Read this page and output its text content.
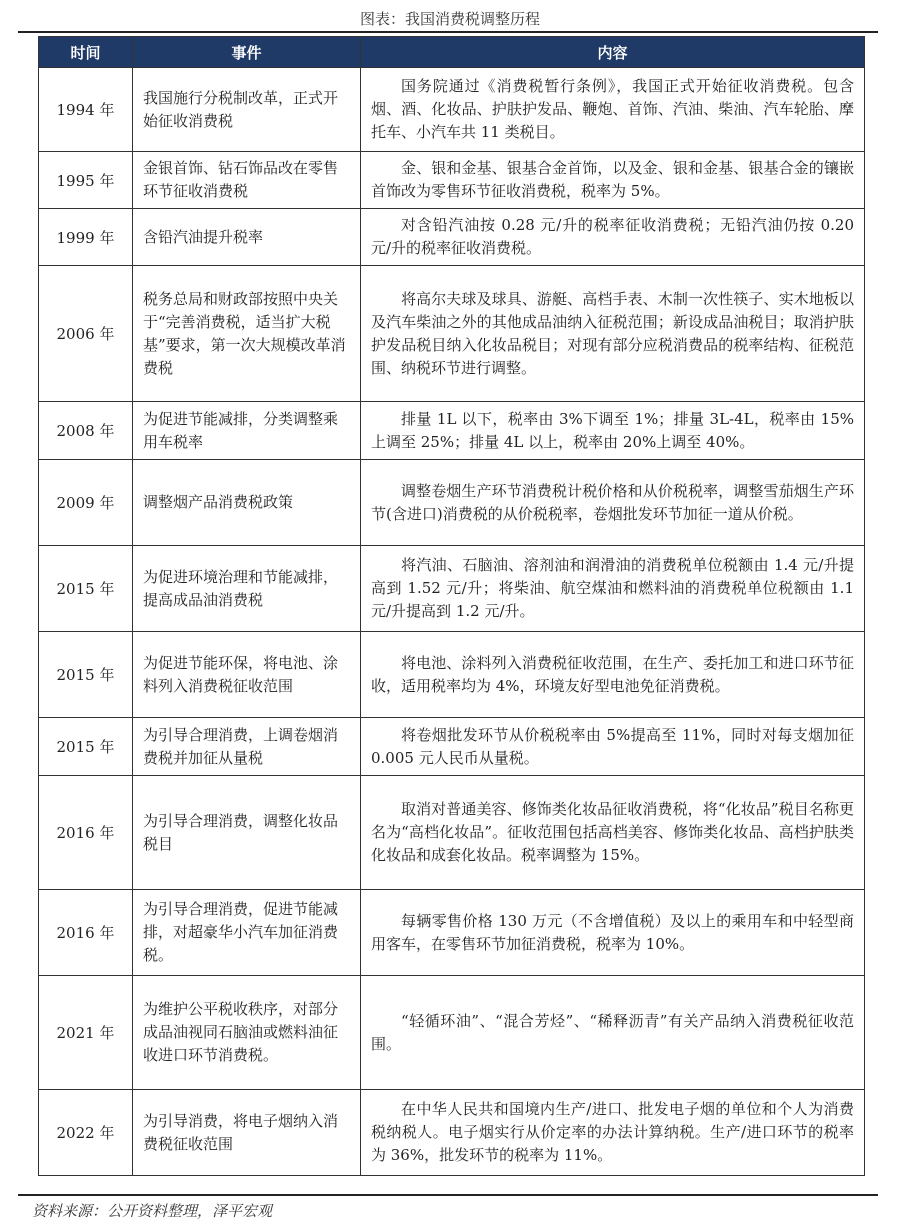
图表：我国消费税调整历程
时间	事件	内容
1994 年	我国施行分税制改革，正式开始征收消费税	国务院通过《消费税暂行条例》，我国正式开始征收消费税。包含烟、酒、化妆品、护肤护发品、鞭炮、首饰、汽油、柴油、汽车轮胎、摩托车、小汽车共 11 类税目。
1995 年	金银首饰、钻石饰品改在零售环节征收消费税	金、银和金基、银基合金首饰，以及金、银和金基、银基合金的镶嵌首饰改为零售环节征收消费税，税率为 5%。
1999 年	含铅汽油提升税率	对含铅汽油按 0.28 元/升的税率征收消费税；无铅汽油仍按 0.20 元/升的税率征收消费税。
2006 年	税务总局和财政部按照中央关于“完善消费税，适当扩大税基”要求，第一次大规模改革消费税	将高尔夫球及球具、游艇、高档手表、木制一次性筷子、实木地板以及汽车柴油之外的其他成品油纳入征税范围；新设成品油税目；取消护肤护发品税目纳入化妆品税目；对现有部分应税消费品的税率结构、征税范围、纳税环节进行调整。
2008 年	为促进节能减排，分类调整乘用车税率	排量 1L 以下，税率由 3%下调至 1%；排量 3L-4L，税率由 15%上调至 25%；排量 4L 以上，税率由 20%上调至 40%。
2009 年	调整烟产品消费税政策	调整卷烟生产环节消费税计税价格和从价税税率，调整雪茄烟生产环节(含进口)消费税的从价税税率，卷烟批发环节加征一道从价税。
2015 年	为促进环境治理和节能减排，提高成品油消费税	将汽油、石脑油、溶剂油和润滑油的消费税单位税额由 1.4 元/升提高到 1.52 元/升；将柴油、航空煤油和燃料油的消费税单位税额由 1.1 元/升提高到 1.2 元/升。
2015 年	为促进节能环保，将电池、涂料列入消费税征收范围	将电池、涂料列入消费税征收范围，在生产、委托加工和进口环节征收，适用税率均为 4%，环境友好型电池免征消费税。
2015 年	为引导合理消费，上调卷烟消费税并加征从量税	将卷烟批发环节从价税税率由 5%提高至 11%，同时对每支烟加征 0.005 元人民币从量税。
2016 年	为引导合理消费，调整化妆品税目	取消对普通美容、修饰类化妆品征收消费税，将“化妆品”税目名称更名为“高档化妆品”。征收范围包括高档美容、修饰类化妆品、高档护肤类化妆品和成套化妆品。税率调整为 15%。
2016 年	为引导合理消费，促进节能减排，对超豪华小汽车加征消费税。	每辆零售价格 130 万元（不含增值税）及以上的乘用车和中轻型商用客车，在零售环节加征消费税，税率为 10%。
2021 年	为维护公平税收秩序，对部分成品油视同石脑油或燃料油征收进口环节消费税。	“轻循环油”、“混合芳烃”、“稀释沥青”有关产品纳入消费税征收范围。
2022 年	为引导消费，将电子烟纳入消费税征收范围	在中华人民共和国境内生产/进口、批发电子烟的单位和个人为消费税纳税人。电子烟实行从价定率的办法计算纳税。生产/进口环节的税率为 36%，批发环节的税率为 11%。
资料来源：公开资料整理，泽平宏观
